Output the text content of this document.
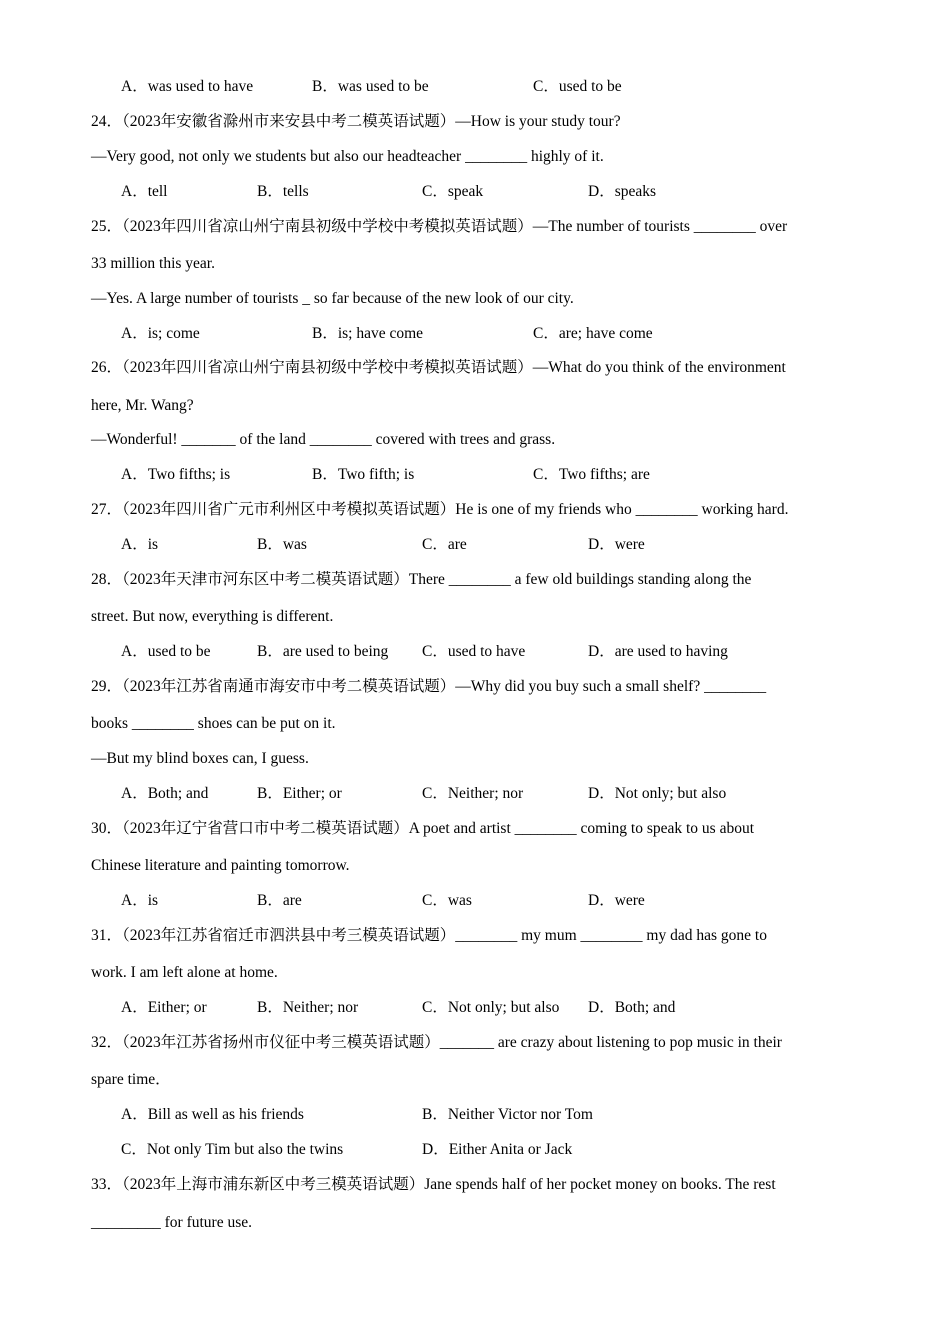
A．was used to have	B．was used to be	C．used to be
24．（2023年安徽省滁州市来安县中考二模英语试题）—How is your study tour?
—Very good, not only we students but also our headteacher ________ highly of it.
A．tell	B．tells	C．speak	D．speaks
25．（2023年四川省凉山州宁南县初级中学校中考模拟英语试题）—The number of tourists ________ over
33 million this year.
—Yes. A large number of tourists _ so far because of the new look of our city.
A．is; come	B．is; have come	C．are; have come
26．（2023年四川省凉山州宁南县初级中学校中考模拟英语试题）—What do you think of the environment
here, Mr. Wang?
—Wonderful! _______ of the land ________ covered with trees and grass.
A．Two fifths; is	B．Two fifth; is	C．Two fifths; are
27．（2023年四川省广元市利州区中考模拟英语试题）He is one of my friends who ________ working hard.
A．is	B．was	C．are	D．were
28．（2023年天津市河东区中考二模英语试题）There ________ a few old buildings standing along the
street. But now, everything is different.
A．used to be	B．are used to being C．used to have	D．are used to having
29．（2023年江苏省南通市海安市中考二模英语试题）—Why did you buy such a small shelf? ________
books ________ shoes can be put on it.
—But my blind boxes can, I guess.
A．Both; and	B．Either; or	C．Neither; nor	D．Not only; but also
30．（2023年辽宁省营口市中考二模英语试题）A poet and artist ________ coming to speak to us about
Chinese literature and painting tomorrow.
A．is	B．are	C．was	D．were
31．（2023年江苏省宿迁市泗洪县中考三模英语试题）________ my mum ________ my dad has gone to
work. I am left alone at home.
A．Either; or	B．Neither; nor	C．Not only; but also D．Both; and
32．（2023年江苏省扬州市仪征中考三模英语试题）_______ are crazy about listening to pop music in their
spare time．
A．Bill as well as his friends	B．Neither Victor nor Tom
C．Not only Tim but also the twins	D．Either Anita or Jack
33．（2023年上海市浦东新区中考三模英语试题）Jane spends half of her pocket money on books. The rest
_________ for future use.
